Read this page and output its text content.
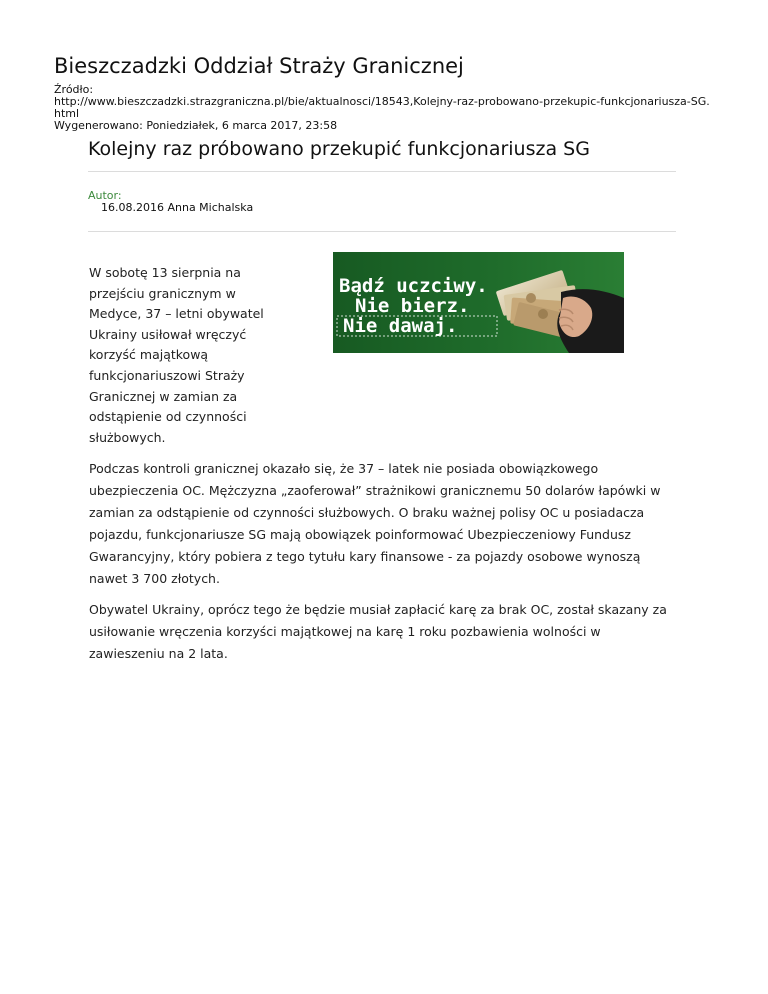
Bieszczadzki Oddział Straży Granicznej
Źródło:
http://www.bieszczadzki.strazgraniczna.pl/bie/aktualnosci/18543,Kolejny-raz-probowano-przekupic-funkcjonariusza-SG.html
Wygenerowano: Poniedziałek, 6 marca 2017, 23:58
Kolejny raz próbowano przekupić funkcjonariusza SG
Autor:
16.08.2016 Anna Michalska
W sobotę 13 sierpnia na przejściu granicznym w Medyce, 37 – letni obywatel Ukrainy usiłował wręczyć korzyść majątkową funkcjonariuszowi Straży Granicznej w zamian za odstąpienie od czynności służbowych.
Bądź uczciwy.
Nie bierz.
Nie dawaj.

Podczas kontroli granicznej okazało się, że 37 – latek nie posiada obowiązkowego ubezpieczenia OC. Mężczyzna „zaoferował” strażnikowi granicznemu 50 dolarów łapówki w zamian za odstąpienie od czynności służbowych. O braku ważnej polisy OC u posiadacza pojazdu, funkcjonariusze SG mają obowiązek poinformować Ubezpieczeniowy Fundusz Gwarancyjny, który pobiera z tego tytułu kary finansowe - za pojazdy osobowe wynoszą nawet 3 700 złotych.

Obywatel Ukrainy, oprócz tego że będzie musiał zapłacić karę za brak OC, został skazany za usiłowanie wręczenia korzyści majątkowej na karę 1 roku pozbawienia wolności w zawieszeniu na 2 lata.
